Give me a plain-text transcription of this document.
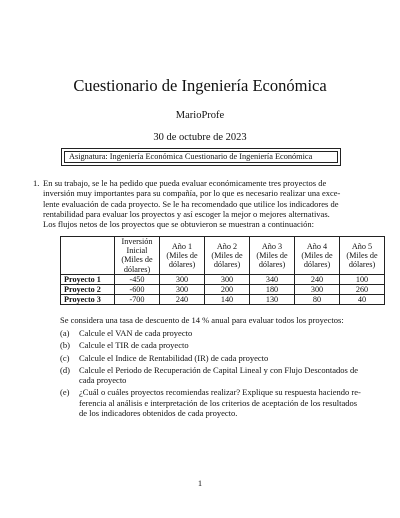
Cuestionario de Ingeniería Económica
MarioProfe
30 de octubre de 2023
Asignatura: Ingeniería Económica Cuestionario de Ingeniería Económica
1. En su trabajo, se le ha pedido que pueda evaluar económicamente tres proyectos de
inversión muy importantes para su compañía, por lo que es necesario realizar una exce-
lente evaluación de cada proyecto. Se le ha recomendado que utilice los indicadores de
rentabilidad para evaluar los proyectos y así escoger la mejor o mejores alternativas.
Los flujos netos de los proyectos que se obtuvieron se muestran a continuación:
	Inversión Inicial (Miles de dólares)	Año 1 (Miles de dólares)	Año 2 (Miles de dólares)	Año 3 (Miles de dólares)	Año 4 (Miles de dólares)	Año 5 (Miles de dólares)
Proyecto 1	-450	300	300	340	240	100
Proyecto 2	-600	300	200	180	300	260
Proyecto 3	-700	240	140	130	80	40
Se considera una tasa de descuento de 14 % anual para evaluar todos los proyectos:
(a) Calcule el VAN de cada proyecto
(b) Calcule el TIR de cada proyecto
(c) Calcule el Indice de Rentabilidad (IR) de cada proyecto
(d) Calcule el Periodo de Recuperación de Capital Lineal y con Flujo Descontados de
cada proyecto
(e) ¿Cuál o cuáles proyectos recomiendas realizar? Explique su respuesta haciendo re-
ferencia al análisis e interpretación de los criterios de aceptación de los resultados
de los indicadores obtenidos de cada proyecto.
1
